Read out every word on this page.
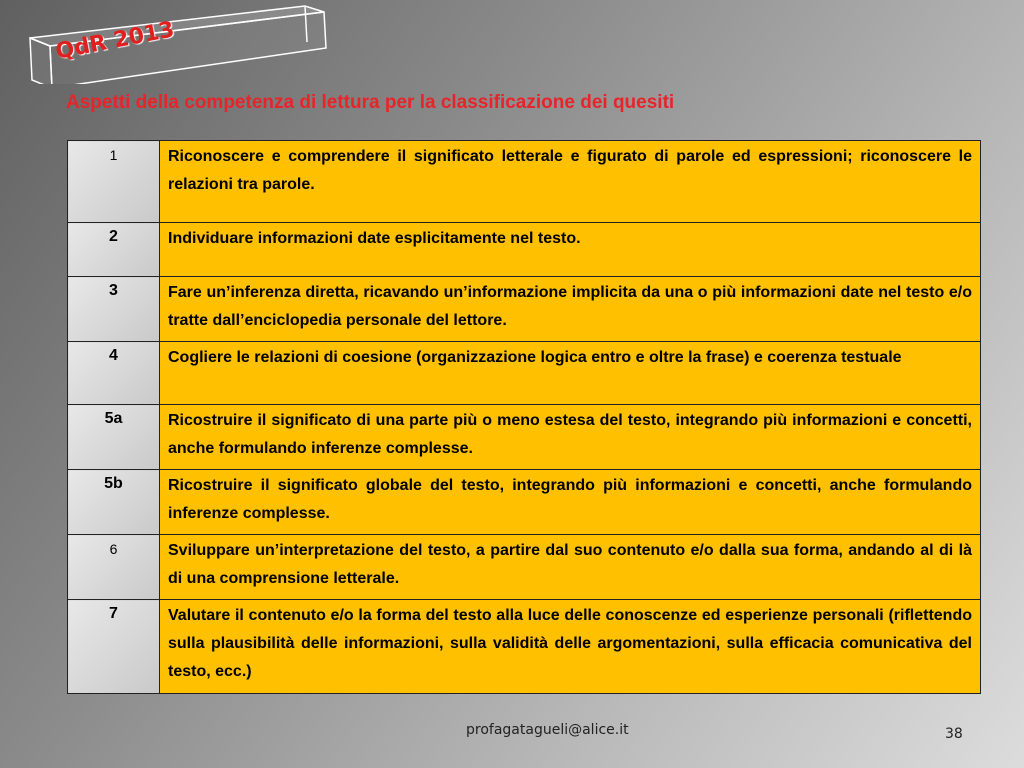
QdR 2013
Aspetti della competenza di lettura per la classificazione dei quesiti
1	Riconoscere e comprendere il significato letterale e figurato di parole ed espressioni; riconoscere le relazioni tra parole.
2	Individuare informazioni date esplicitamente nel testo.
3	Fare un’inferenza diretta, ricavando un’informazione implicita da una o più informazioni date nel testo e/o tratte dall’enciclopedia personale del lettore.
4	Cogliere le relazioni di coesione (organizzazione logica entro e oltre la frase) e coerenza testuale
5a	Ricostruire il significato di una parte più o meno estesa del testo, integrando più informazioni e concetti, anche formulando inferenze complesse.
5b	Ricostruire il significato globale del testo, integrando più informazioni e concetti, anche formulando inferenze complesse.
6	Sviluppare un’interpretazione del testo, a partire dal suo contenuto e/o dalla sua forma, andando al di là di una comprensione letterale.
7	Valutare il contenuto e/o la forma del testo alla luce delle conoscenze ed esperienze personali (riflettendo sulla plausibilità delle informazioni, sulla validità delle argomentazioni, sulla efficacia comunicativa del testo, ecc.)
profagatagueli@alice.it	38
